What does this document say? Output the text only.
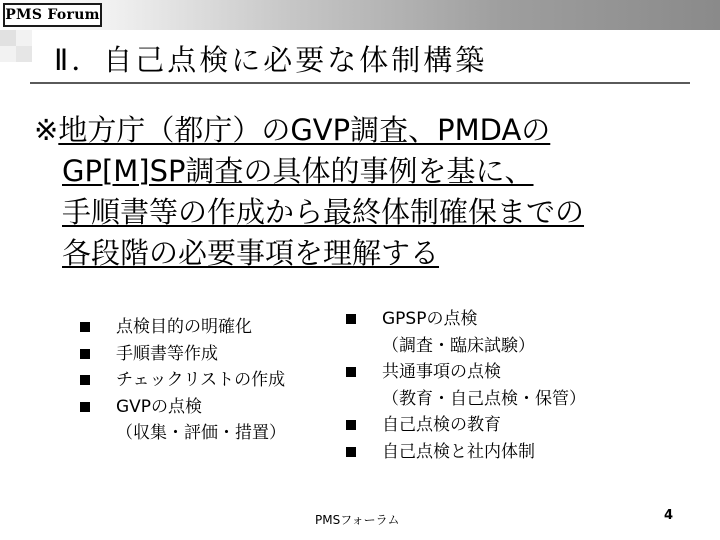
PMS Forum
Ⅱ．自己点検に必要な体制構築
※地方庁（都庁）のGVP調査、PMDAの
GP[M]SP調査の具体的事例を基に、
手順書等の作成から最終体制確保までの
各段階の必要事項を理解する
点検目的の明確化
手順書等作成
チェックリストの作成
GVPの点検
（収集・評価・措置）
GPSPの点検
（調査・臨床試験）
共通事項の点検
（教育・自己点検・保管）
自己点検の教育
自己点検と社内体制
PMSフォーラム	4
